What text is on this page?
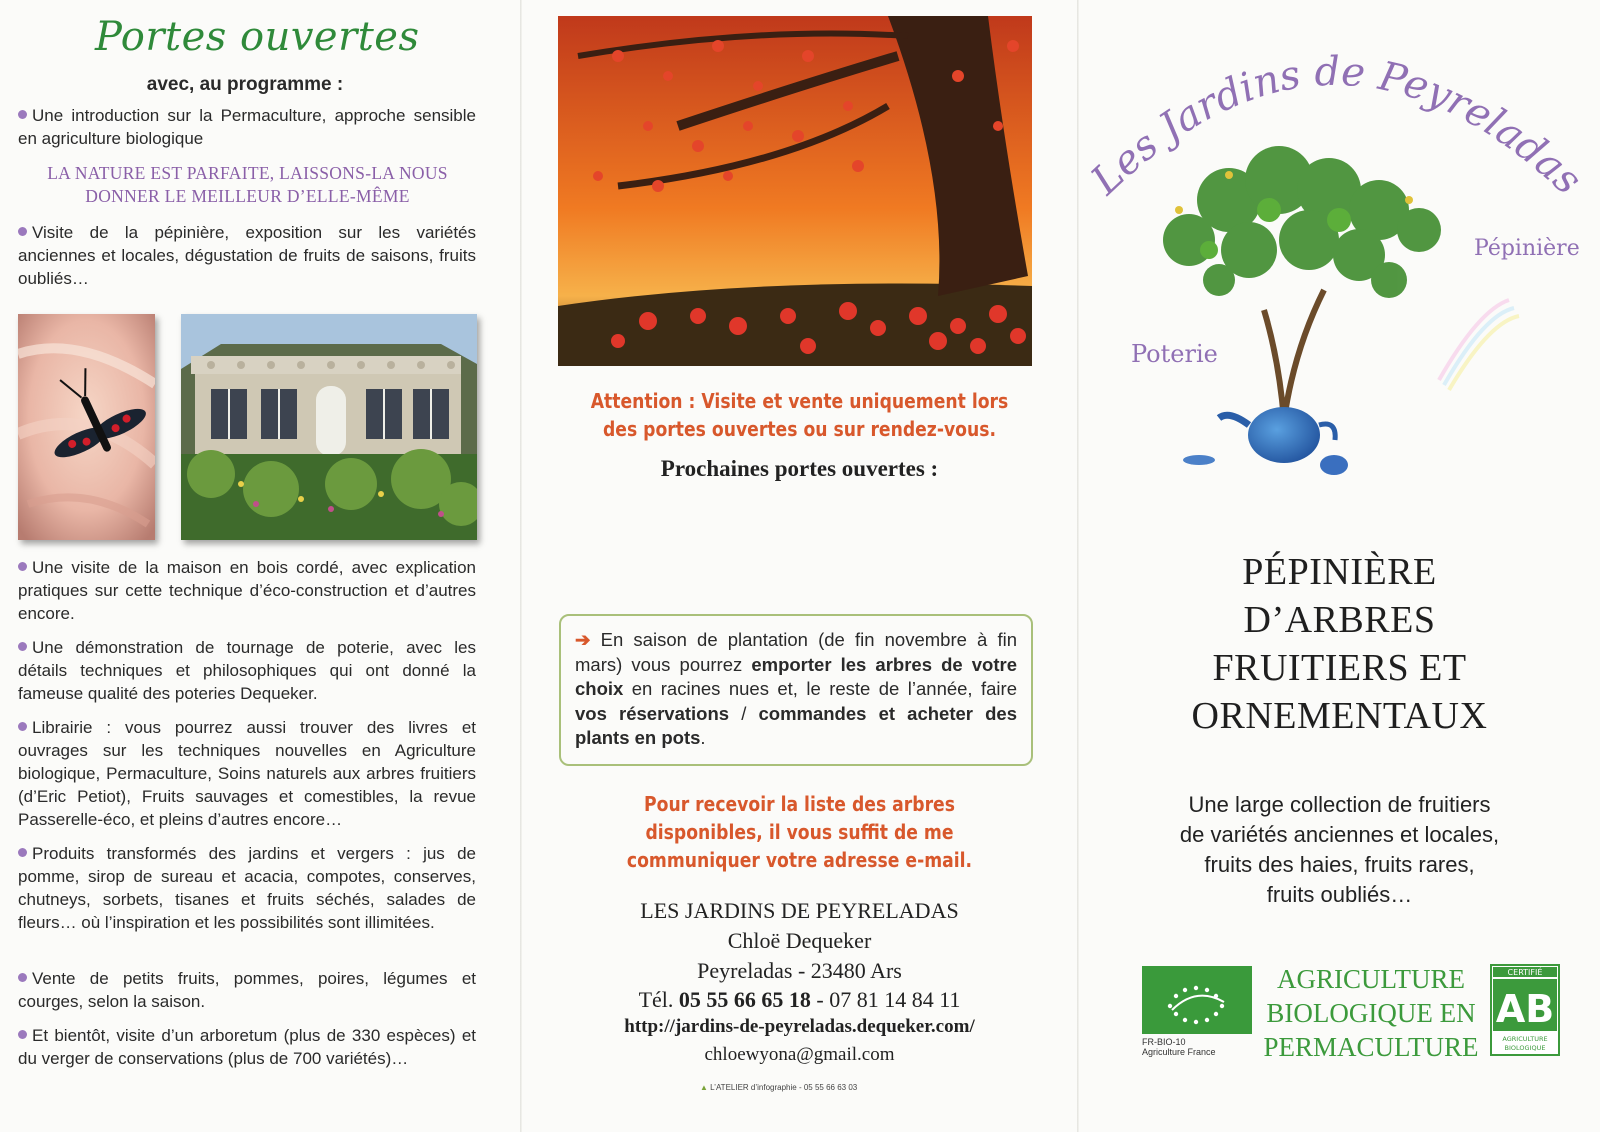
Portes ouvertes
avec, au programme :
Une introduction sur la Permaculture, approche sensible en agriculture biologique
LA NATURE EST PARFAITE, LAISSONS-LA NOUS
DONNER LE MEILLEUR D’ELLE-MÊME
Visite de la pépinière, exposition sur les variétés anciennes et locales, dégustation de fruits de saisons, fruits oubliés…
Une visite de la maison en bois cordé, avec explication pratiques sur cette technique d’éco-construction et d’autres encore.
Une démonstration de tournage de poterie, avec les détails techniques et philosophiques qui ont donné la fameuse qualité des poteries Dequeker.
Librairie : vous pourrez aussi trouver des livres et ouvrages sur les techniques nouvelles en Agriculture biologique, Permaculture, Soins naturels aux arbres fruitiers (d’Eric Petiot), Fruits sauvages et comestibles, la revue Passerelle-éco, et pleins d’autres encore…
Produits transformés des jardins et vergers : jus de pomme, sirop de sureau et acacia, compotes, conserves, chutneys, sorbets, tisanes et fruits séchés, salades de fleurs… où l’inspiration et les possibilités sont illimitées.
Vente de petits fruits, pommes, poires, légumes et courges, selon la saison.
Et bientôt, visite d’un arboretum (plus de 330 espèces) et du verger de conservations (plus de 700 variétés)…
Attention : Visite et vente uniquement lors
des portes ouvertes ou sur rendez-vous.
Prochaines portes ouvertes :
➔ En saison de plantation (de fin novembre à fin mars) vous pourrez emporter les arbres de votre choix en racines nues et, le reste de l’année, faire vos réservations / commandes et acheter des plants en pots.
Pour recevoir la liste des arbres
disponibles, il vous suffit de me
communiquer votre adresse e-mail.
LES JARDINS DE PEYRELADAS
Chloë Dequeker
Peyreladas - 23480 Ars
Tél. 05 55 66 65 18 - 07 81 14 84 11
http://jardins-de-peyreladas.dequeker.com/
chloewyona@gmail.com
▲ L’ATELIER d’infographie - 05 55 66 63 03
Les Jardins de Peyreladas
Pépinière
Poterie
PÉPINIÈRE
D’ARBRES
FRUITIERS ET
ORNEMENTAUX
Une large collection de fruitiers
de variétés anciennes et locales,
fruits des haies, fruits rares,
fruits oubliés…
FR-BIO-10
Agriculture France
AGRICULTURE
BIOLOGIQUE EN
PERMACULTURE
CERTIFIÉ
AB
AGRICULTURE
BIOLOGIQUE
